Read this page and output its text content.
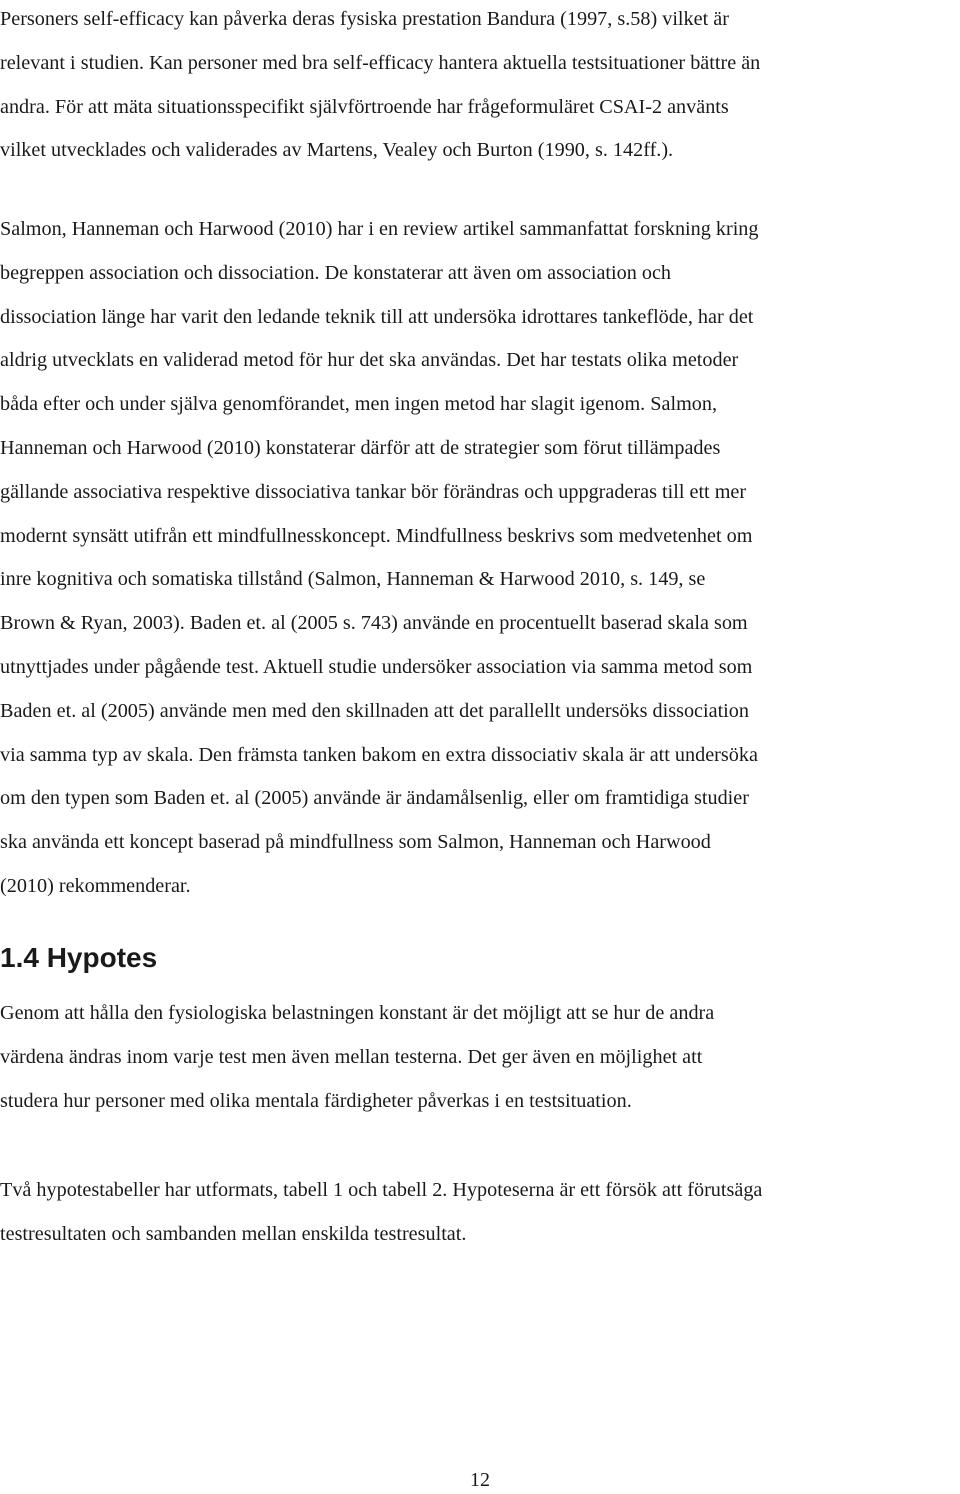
Personers self-efficacy kan påverka deras fysiska prestation Bandura (1997, s.58) vilket är
relevant i studien. Kan personer med bra self-efficacy hantera aktuella testsituationer bättre än
andra. För att mäta situationsspecifikt självförtroende har frågeformuläret CSAI-2 använts
vilket utvecklades och validerades av Martens, Vealey och Burton (1990, s. 142ff.).

Salmon, Hanneman och Harwood (2010) har i en review artikel sammanfattat forskning kring
begreppen association och dissociation. De konstaterar att även om association och
dissociation länge har varit den ledande teknik till att undersöka idrottares tankeflöde, har det
aldrig utvecklats en validerad metod för hur det ska användas. Det har testats olika metoder
båda efter och under själva genomförandet, men ingen metod har slagit igenom. Salmon,
Hanneman och Harwood (2010) konstaterar därför att de strategier som förut tillämpades
gällande associativa respektive dissociativa tankar bör förändras och uppgraderas till ett mer
modernt synsätt utifrån ett mindfullnesskoncept. Mindfullness beskrivs som medvetenhet om
inre kognitiva och somatiska tillstånd (Salmon, Hanneman & Harwood 2010, s. 149, se
Brown & Ryan, 2003). Baden et. al (2005 s. 743) använde en procentuellt baserad skala som
utnyttjades under pågående test. Aktuell studie undersöker association via samma metod som
Baden et. al (2005) använde men med den skillnaden att det parallellt undersöks dissociation
via samma typ av skala. Den främsta tanken bakom en extra dissociativ skala är att undersöka
om den typen som Baden et. al (2005) använde är ändamålsenlig, eller om framtidiga studier
ska använda ett koncept baserad på mindfullness som Salmon, Hanneman och Harwood
(2010) rekommenderar.

1.4 Hypotes

Genom att hålla den fysiologiska belastningen konstant är det möjligt att se hur de andra
värdena ändras inom varje test men även mellan testerna. Det ger även en möjlighet att
studera hur personer med olika mentala färdigheter påverkas i en testsituation.

Två hypotestabeller har utformats, tabell 1 och tabell 2. Hypoteserna är ett försök att förutsäga
testresultaten och sambanden mellan enskilda testresultat.

12
